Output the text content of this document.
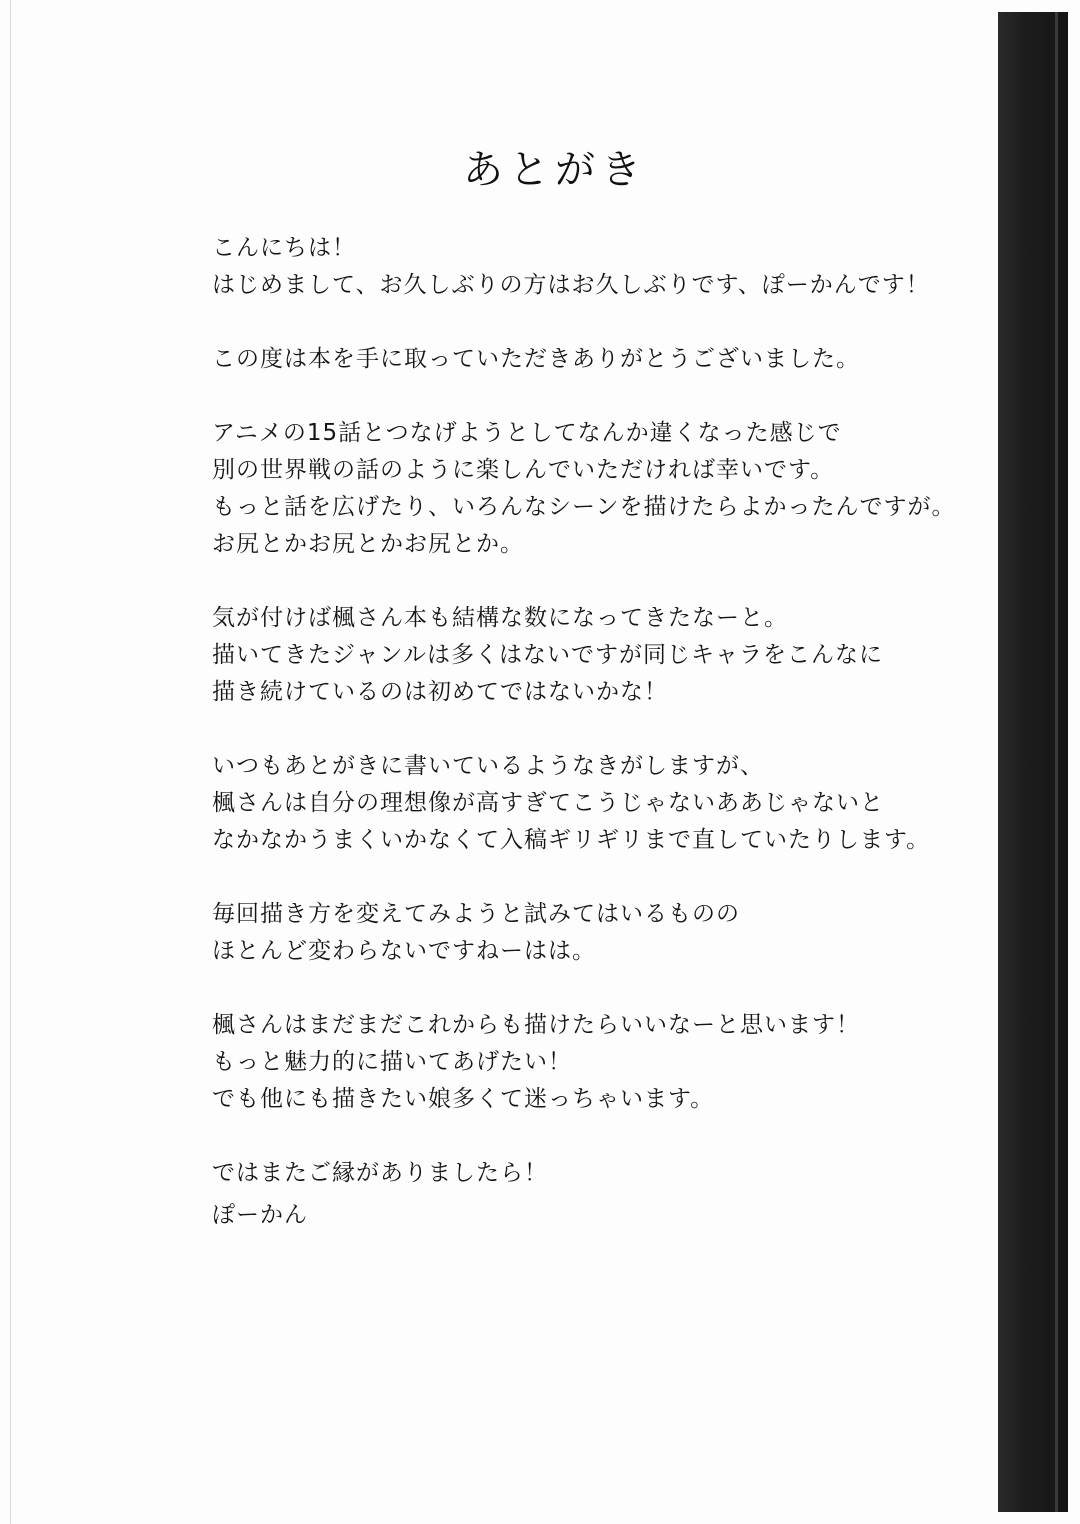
あとがき

こんにちは！
はじめまして、お久しぶりの方はお久しぶりです、ぽーかんです！

この度は本を手に取っていただきありがとうございました。

アニメの15話とつなげようとしてなんか違くなった感じで
別の世界戦の話のように楽しんでいただければ幸いです。
もっと話を広げたり、いろんなシーンを描けたらよかったんですが。
お尻とかお尻とかお尻とか。

気が付けば楓さん本も結構な数になってきたなーと。
描いてきたジャンルは多くはないですが同じキャラをこんなに
描き続けているのは初めてではないかな！

いつもあとがきに書いているようなきがしますが、
楓さんは自分の理想像が高すぎてこうじゃないああじゃないと
なかなかうまくいかなくて入稿ギリギリまで直していたりします。

毎回描き方を変えてみようと試みてはいるものの
ほとんど変わらないですねーはは。

楓さんはまだまだこれからも描けたらいいなーと思います！
もっと魅力的に描いてあげたい！
でも他にも描きたい娘多くて迷っちゃいます。

ではまたご縁がありましたら！

ぽーかん
